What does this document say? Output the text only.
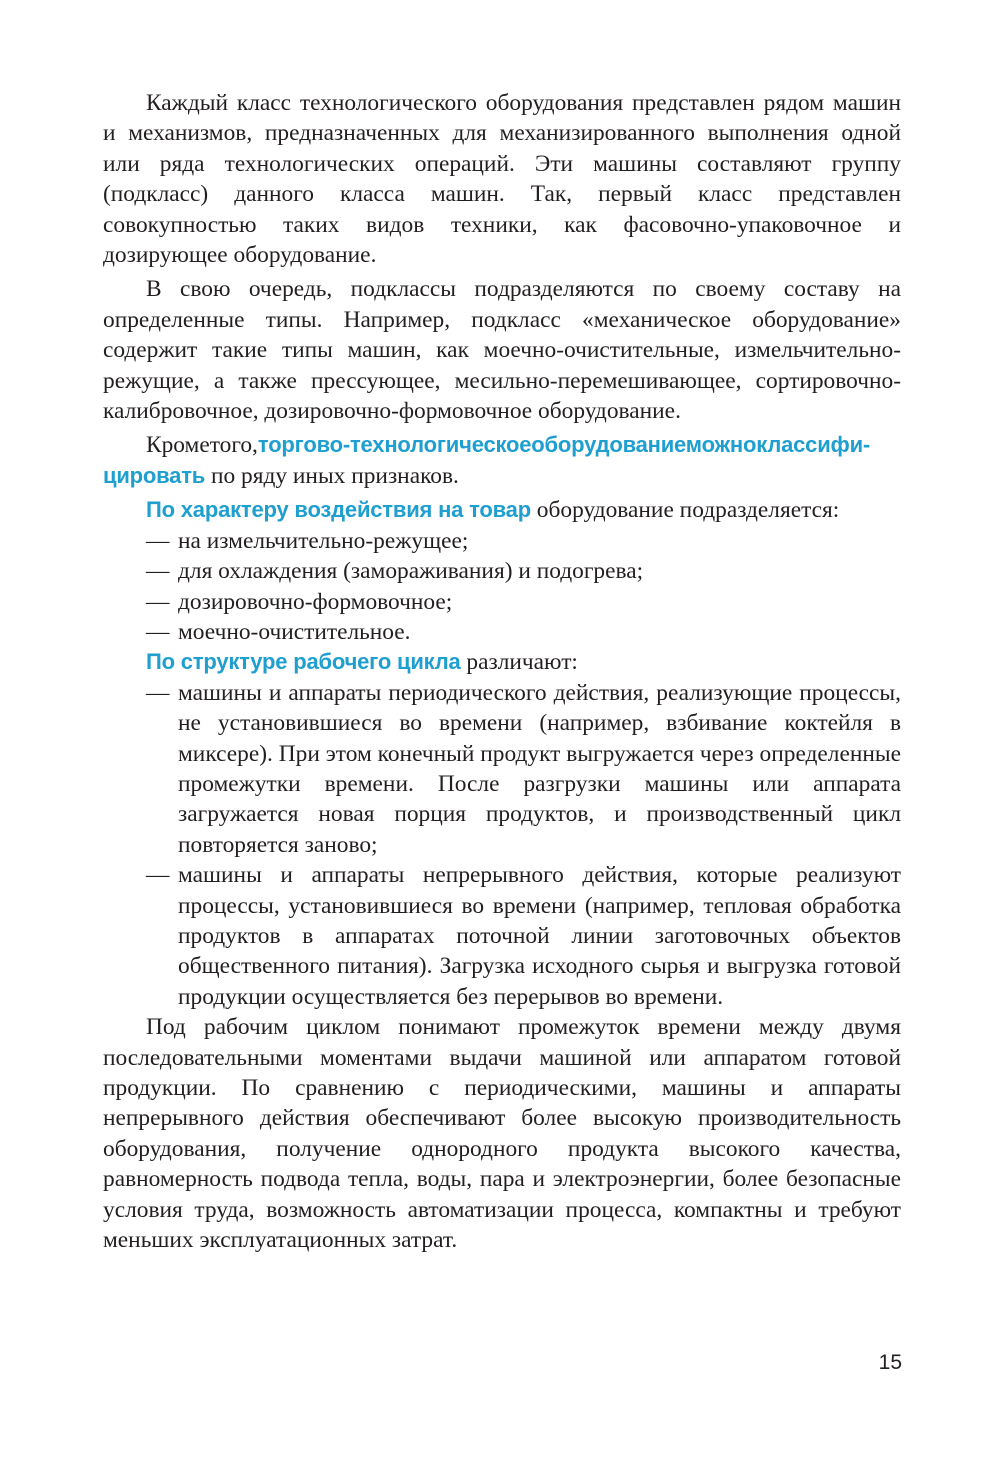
Каждый класс технологического оборудования представлен рядом машин и механизмов, предназначенных для механизированного выполнения одной или ряда технологических операций. Эти машины составляют группу (подкласс) данного класса машин. Так, первый класс представлен совокупностью таких видов техники, как фасовочно-упаковочное и дозирующее оборудование.

В свою очередь, подклассы подразделяются по своему составу на определенные типы. Например, подкласс «механическое оборудование» содержит такие типы машин, как моечно-очистительные, измельчительно-режущие, а также прессующее, месильно-перемешивающее, сортировочно-калибровочное, дозировочно-формовочное оборудование.

Крометого,торгово-технологическоеоборудованиеможноклассифицировать по ряду иных признаков.

По характеру воздействия на товар оборудование подразделяется:

— на измельчительно-режущее;
— для охлаждения (замораживания) и подогрева;
— дозировочно-формовочное;
— моечно-очистительное.

По структуре рабочего цикла различают:

— машины и аппараты периодического действия, реализующие процессы, не установившиеся во времени (например, взбивание коктейля в миксере). При этом конечный продукт выгружается через определенные промежутки времени. После разгрузки машины или аппарата загружается новая порция продуктов, и производственный цикл повторяется заново;
— машины и аппараты непрерывного действия, которые реализуют процессы, установившиеся во времени (например, тепловая обработка продуктов в аппаратах поточной линии заготовочных объектов общественного питания). Загрузка исходного сырья и выгрузка готовой продукции осуществляется без перерывов во времени.

Под рабочим циклом понимают промежуток времени между двумя последовательными моментами выдачи машиной или аппаратом готовой продукции. По сравнению с периодическими, машины и аппараты непрерывного действия обеспечивают более высокую производительность оборудования, получение однородного продукта высокого качества, равномерность подвода тепла, воды, пара и электроэнергии, более безопасные условия труда, возможность автоматизации процесса, компактны и требуют меньших эксплуатационных затрат.

15
